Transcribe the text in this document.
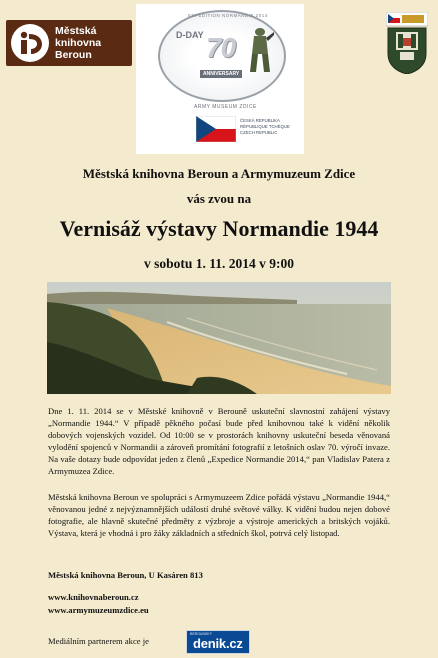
Městská
knihovna
Beroun
EXPEDITION NORMANDIE 2014
D-DAY 70
ANNIVERSARY
ARMY MUSEUM ZDICE
ČESKÁ REPUBLIKA
RÉPUBLIQUE TCHÈQUE
CZECH REPUBLIC
Městská knihovna Beroun a Armymuzeum Zdice
vás zvou na
Vernisáž výstavy Normandie 1944
v sobotu 1. 11. 2014 v 9:00
Dne 1. 11. 2014 se v Městské knihovně v Berouně uskuteční slavnostní zahájení výstavy „Normandie 1944.“ V případě pěkného počasí bude před knihovnou také k vidění několik dobových vojenských vozidel. Od 10:00 se v prostorách knihovny uskuteční beseda věnovaná vylodění spojenců v Normandii a zároveň promítání fotografií z letošních oslav 70. výročí invaze. Na vaše dotazy bude odpovídat jeden z členů „Expedice Normandie 2014,“ pan Vladislav Patera z Armymuzea Zdice.
Městská knihovna Beroun ve spolupráci s Armymuzeem Zdice pořádá výstavu „Normandie 1944,“ věnovanou jedné z nejvýznamnějších událostí druhé světové války. K vidění budou nejen dobové fotografie, ale hlavně skutečné předměty z výzbroje a výstroje amerických a britských vojáků. Výstava, která je vhodná i pro žáky základních a středních škol, potrvá celý listopad.
Městská knihovna Beroun, U Kasáren 813
www.knihovnaberoun.cz
www.armymuzeumzdice.eu
Mediálním partnerem akce je
BEROUNSKÝ
denik.cz
